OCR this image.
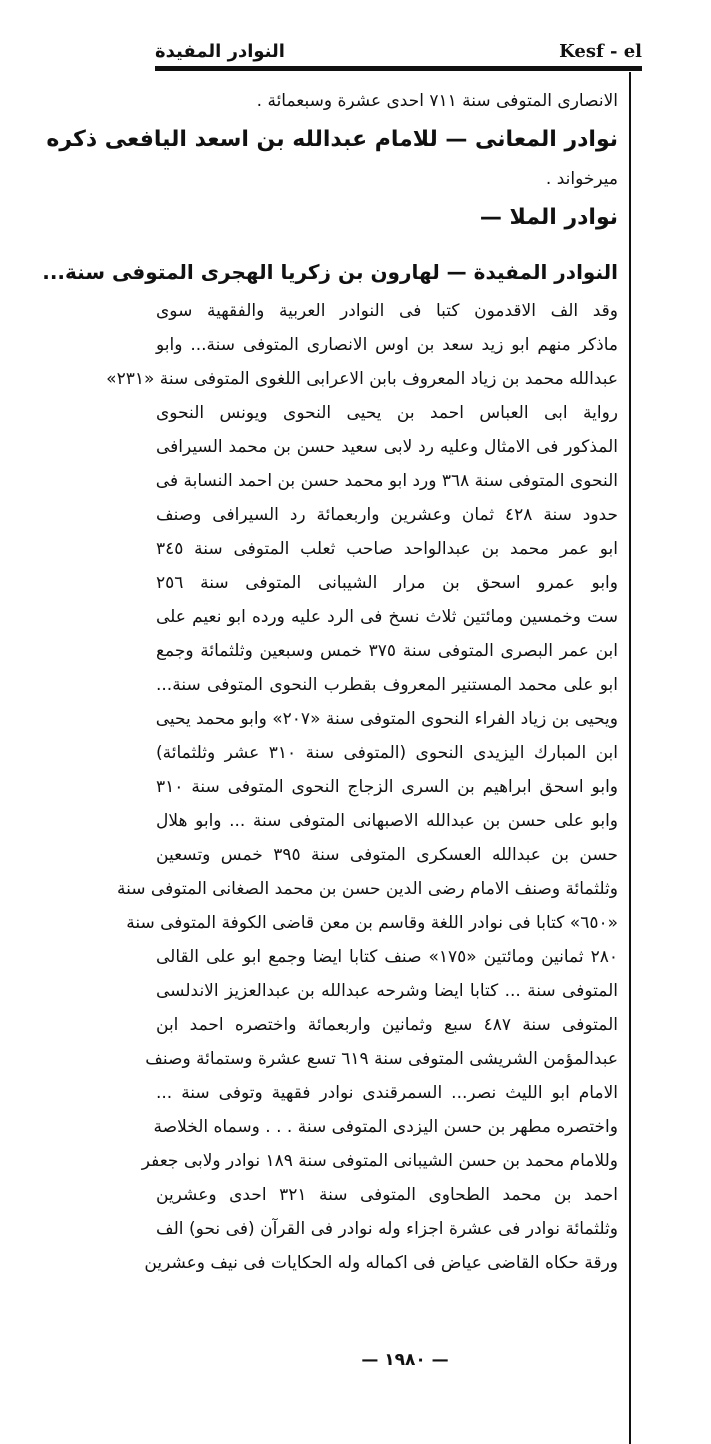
النوادر المفيدة	Kesf - el
الانصارى المتوفى سنة ٧١١ احدى عشرة وسبعمائة .
نوادر المعانى — للامام عبدالله بن اسعد اليافعى ذكره
ميرخواند .
نوادر الملا —
النوادر المفيدة — لهارون بن زكريا الهجرى المتوفى سنة...
وقد الف الاقدمون كتبا فى النوادر العربية والفقهية سوى
ماذكر منهم ابو زيد سعد بن اوس الانصارى المتوفى سنة... وابو
عبدالله محمد بن زياد المعروف بابن الاعرابى اللغوى المتوفى سنة «٢٣١»
رواية ابى العباس احمد بن يحيى النحوى ويونس النحوى
المذكور فى الامثال وعليه رد لابى سعيد حسن بن محمد السيرافى
النحوى المتوفى سنة ٣٦٨ ورد ابو محمد حسن بن احمد النسابة فى
حدود سنة ٤٢٨ ثمان وعشرين واربعمائة رد السيرافى وصنف
ابو عمر محمد بن عبدالواحد صاحب ثعلب المتوفى سنة ٣٤٥
وابو عمرو اسحق بن مرار الشيبانى المتوفى سنة ٢٥٦
ست وخمسين ومائتين ثلاث نسخ فى الرد عليه ورده ابو نعيم على
ابن عمر البصرى المتوفى سنة ٣٧٥ خمس وسبعين وثلثمائة وجمع
ابو على محمد المستنير المعروف بقطرب النحوى المتوفى سنة...
ويحيى بن زياد الفراء النحوى المتوفى سنة «٢٠٧» وابو محمد يحيى
ابن المبارك اليزيدى النحوى (المتوفى سنة ٣١٠ عشر وثلثمائة)
وابو اسحق ابراهيم بن السرى الزجاج النحوى المتوفى سنة ٣١٠
وابو على حسن بن عبدالله الاصبهانى المتوفى سنة ... وابو هلال
حسن بن عبدالله العسكرى المتوفى سنة ٣٩٥ خمس وتسعين
وثلثمائة وصنف الامام رضى الدين حسن بن محمد الصغانى المتوفى سنة
«٦٥٠» كتابا فى نوادر اللغة وقاسم بن معن قاضى الكوفة المتوفى سنة
٢٨٠ ثمانين ومائتين «١٧٥» صنف كتابا ايضا وجمع ابو على القالى
المتوفى سنة ... كتابا ايضا وشرحه عبدالله بن عبدالعزيز الاندلسى
المتوفى سنة ٤٨٧ سبع وثمانين واربعمائة واختصره احمد ابن
عبدالمؤمن الشريشى المتوفى سنة ٦١٩ تسع عشرة وستمائة وصنف
الامام ابو الليث نصر... السمرقندى نوادر فقهية وتوفى سنة ...
واختصره مطهر بن حسن اليزدى المتوفى سنة . . . وسماه الخلاصة
وللامام محمد بن حسن الشيبانى المتوفى سنة ١٨٩ نوادر ولابى جعفر
احمد بن محمد الطحاوى المتوفى سنة ٣٢١ احدى وعشرين
وثلثمائة نوادر فى عشرة اجزاء وله نوادر فى القرآن (فى نحو) الف
ورقة حكاه القاضى عياض فى اكماله وله الحكايات فى نيف وعشرين
— ١٩٨٠ —
